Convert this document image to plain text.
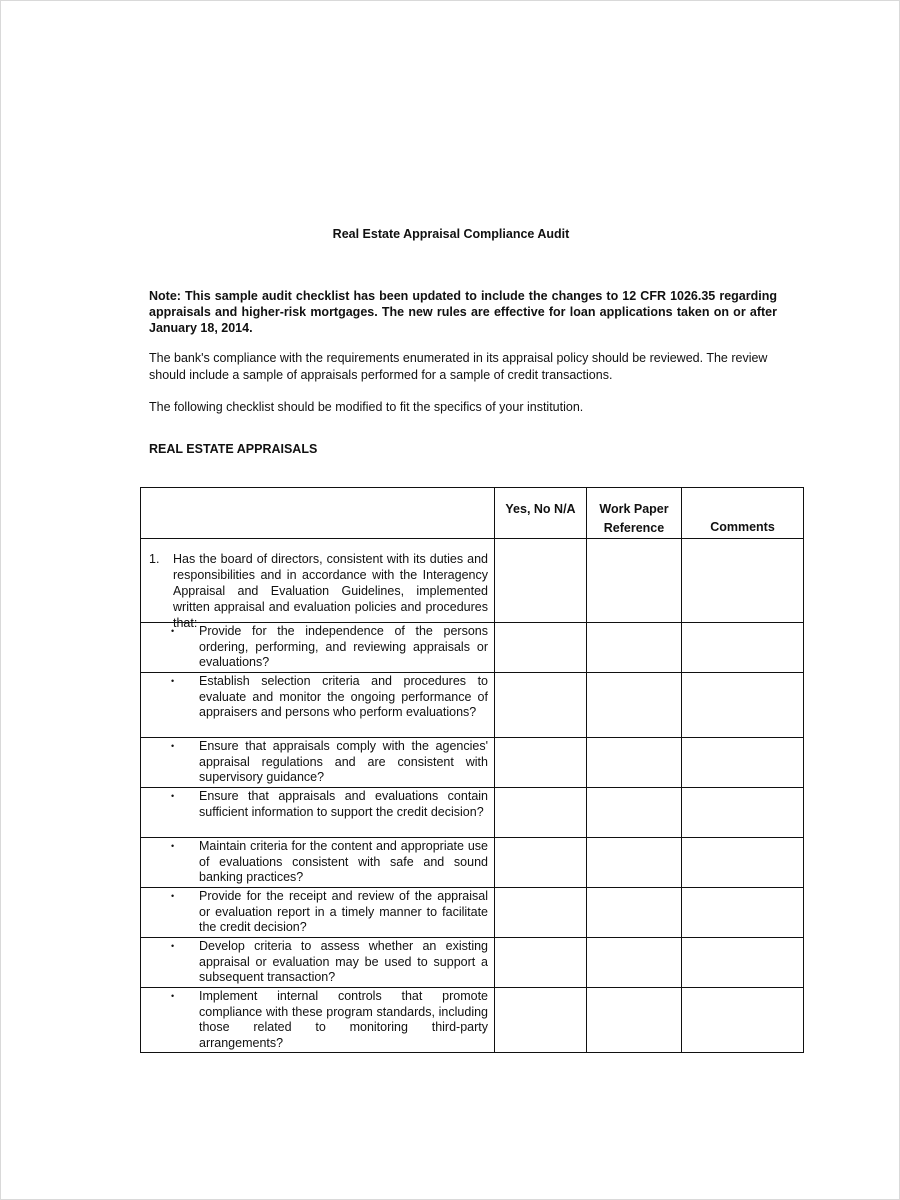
Real Estate Appraisal Compliance Audit
Note: This sample audit checklist has been updated to include the changes to 12 CFR 1026.35 regarding appraisals and higher-risk mortgages. The new rules are effective for loan applications taken on or after January 18, 2014.
The bank's compliance with the requirements enumerated in its appraisal policy should be reviewed. The review should include a sample of appraisals performed for a sample of credit transactions.
The following checklist should be modified to fit the specifics of your institution.
REAL ESTATE APPRAISALS
	Yes, No N/A	Work Paper Reference	Comments

1. Has the board of directors, consistent with its duties and responsibilities and in accordance with the Interagency Appraisal and Evaluation Guidelines, implemented written appraisal and evaluation policies and procedures that:			

• Provide for the independence of the persons ordering, performing, and reviewing appraisals or evaluations?			

• Establish selection criteria and procedures to evaluate and monitor the ongoing performance of appraisers and persons who perform evaluations?			

• Ensure that appraisals comply with the agencies' appraisal regulations and are consistent with supervisory guidance?			

• Ensure that appraisals and evaluations contain sufficient information to support the credit decision?			

• Maintain criteria for the content and appropriate use of evaluations consistent with safe and sound banking practices?			

• Provide for the receipt and review of the appraisal or evaluation report in a timely manner to facilitate the credit decision?			

• Develop criteria to assess whether an existing appraisal or evaluation may be used to support a subsequent transaction?			

• Implement internal controls that promote compliance with these program standards, including those related to monitoring third-party arrangements?			
